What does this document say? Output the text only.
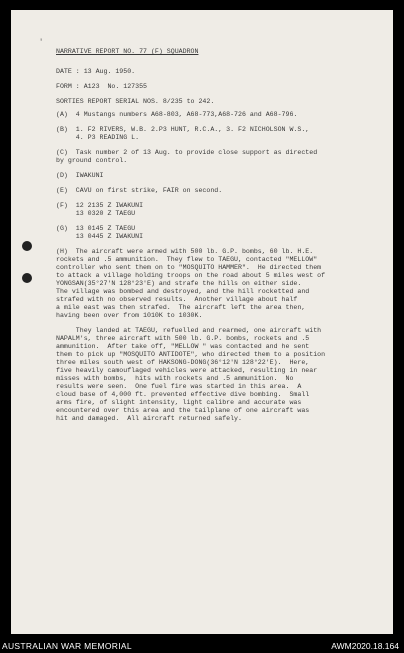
'
NARRATIVE REPORT NO. 77 (F) SQUADRON
DATE : 13 Aug. 1950.
FORM : A123  No. 127355
SORTIES REPORT SERIAL NOS. 8/235 to 242.
(A)  4 Mustangs numbers A68-803, A68-773,A68-726 and A68-796.
(B)  1. F2 RIVERS, W.B. 2.P3 HUNT, R.C.A., 3. F2 NICHOLSON W.S.,
4. P3 READING L.
(C)  Task number 2 of 13 Aug. to provide close support as directed
by ground control.
(D)  IWAKUNI
(E)  CAVU on first strike, FAIR on second.
(F)  12 2135 Z IWAKUNI
13 0320 Z TAEGU
(G)  13 0145 Z TAEGU
13 0445 Z IWAKUNI
(H)  The aircraft were armed with 500 lb. G.P. bombs, 60 lb. H.E.
rockets and .5 ammunition.  They flew to TAEGU, contacted "MELLOW"
controller who sent them on to "MOSQUITO HAMMER".  He directed them
to attack a village holding troops on the road about 5 miles west of
YONGSAN(35°27'N 128°23'E) and strafe the hills on either side.
The village was bombed and destroyed, and the hill rocketted and
strafed with no observed results.  Another village about half
a mile east was then strafed.  The aircraft left the area then,
having been over from 1010K to 1030K.
They landed at TAEGU, refuelled and rearmed, one aircraft with
NAPALM's, three aircraft with 500 lb. G.P. bombs, rockets and .5
ammunition.  After take off, "MELLOW " was contacted and he sent
them to pick up "MOSQUITO ANTIDOTE", who directed them to a position
three miles south west of HAKSONG-DONG(36°12'N 128°22'E).  Here,
five heavily camouflaged vehicles were attacked, resulting in near
misses with bombs,  hits with rockets and .5 ammunition.  No
results were seen.  One fuel fire was started in this area.  A
cloud base of 4,000 ft. prevented effective dive bombing.  Small
arms fire, of slight intensity, light calibre and accurate was
encountered over this area and the tailplane of one aircraft was
hit and damaged.  All aircraft returned safely.
AUSTRALIAN WAR MEMORIAL	AWM2020.18.164
